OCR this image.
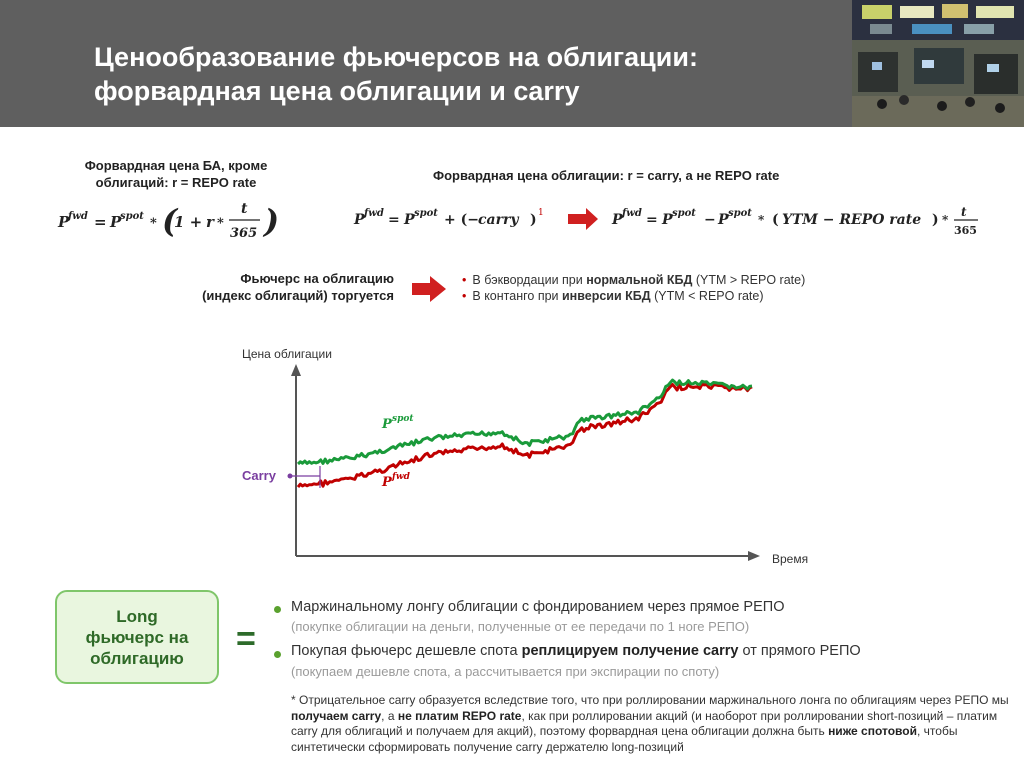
Ценообразование фьючерсов на облигации:
форвардная цена облигации и carry
Форвардная цена БА, кроме
облигаций: r = REPO rate
P
fwd = P
spot * (
1 + r *
t
365 )
Форвардная цена облигации: r = carry, а не REPO rate
P fwd = P spot + (− carry ) 1	P fwd = P spot − P spot * ( YTM − REPO rate ) *
t
365
Фьючерс на облигацию
(индекс облигаций) торгуется
• В бэквордации при нормальной КБД (YTM > REPO rate)
• В контанго при инверсии КБД (YTM < REPO rate)
Цена облигации
Время
Carry
P spot
P fwd
Long
фьючерс на
облигацию =
Маржинальному лонгу облигации с фондированием через прямое РЕПО
(покупке облигации на деньги, полученные от ее передачи по 1 ноге РЕПО)
Покупая фьючерс дешевле спота реплицируем получение carry от прямого РЕПО
(покупаем дешевле спота, а рассчитывается при экспирации по споту)
* Отрицательное carry образуется вследствие того, что при роллировании маржинального лонга по облигациям через РЕПО мы получаем carry, а не платим REPO rate, как при роллировании акций (и наоборот при роллировании short-позиций – платим carry для облигаций и получаем для акций), поэтому форвардная цена облигации должна быть ниже спотовой, чтобы синтетически сформировать получение carry держателю long-позиций
